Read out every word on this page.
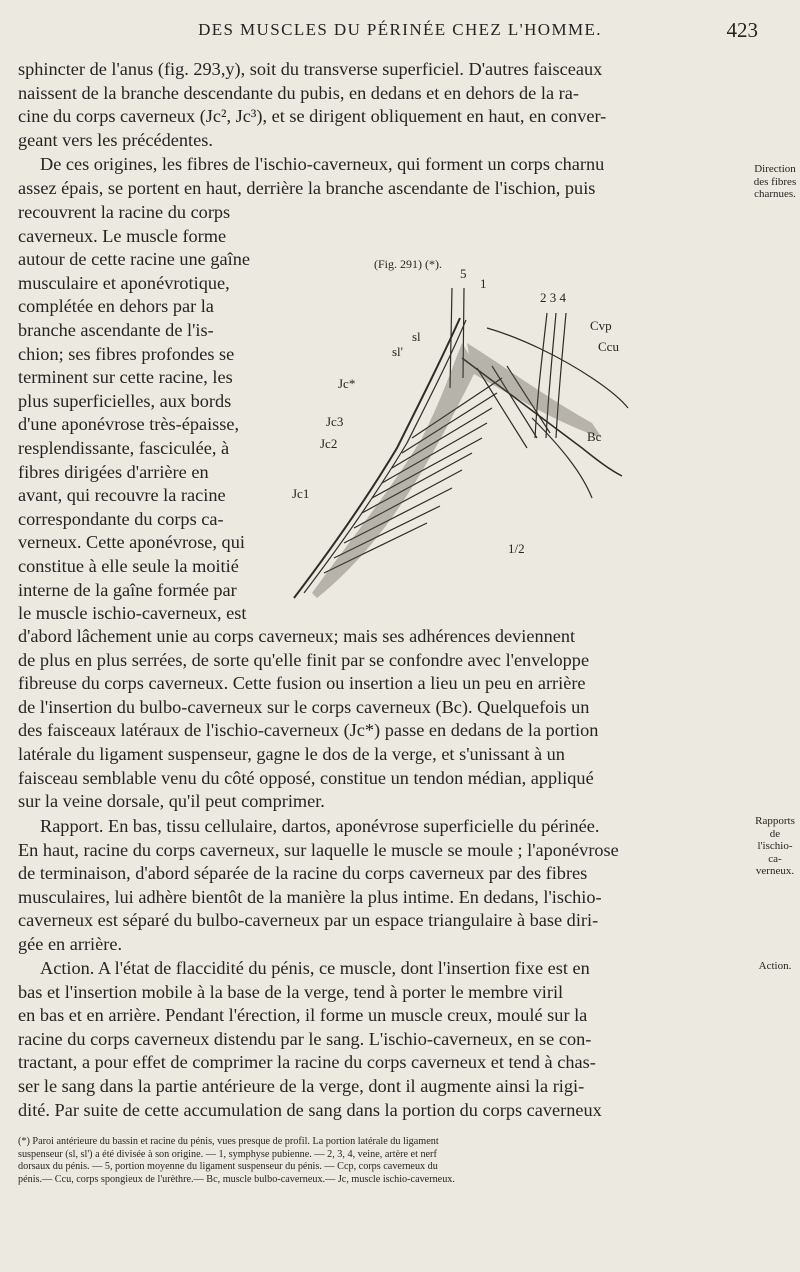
DES MUSCLES DU PÉRINÉE CHEZ L'HOMME.	423
sphincter de l'anus (fig. 293,y), soit du transverse superficiel. D'autres faisceaux
naissent de la branche descendante du pubis, en dedans et en dehors de la ra-
cine du corps caverneux (Jc², Jc³), et se dirigent obliquement en haut, en conver-
geant vers les précédentes.
De ces origines, les fibres de l'ischio-caverneux, qui forment un corps charnu
assez épais, se portent en haut, derrière la branche ascendante de l'ischion, puis
recouvrent la racine du corps
caverneux. Le muscle forme
autour de cette racine une gaîne
musculaire et aponévrotique,
complétée en dehors par la
branche ascendante de l'is-
chion; ses fibres profondes se
terminent sur cette racine, les
plus superficielles, aux bords
d'une aponévrose très-épaisse,
resplendissante, fasciculée, à
fibres dirigées d'arrière en
avant, qui recouvre la racine
correspondante du corps ca-
verneux. Cette aponévrose, qui
constitue à elle seule la moitié
interne de la gaîne formée par
le muscle ischio-caverneux, est
d'abord lâchement unie au corps caverneux; mais ses adhérences deviennent
de plus en plus serrées, de sorte qu'elle finit par se confondre avec l'enveloppe
fibreuse du corps caverneux. Cette fusion ou insertion a lieu un peu en arrière
de l'insertion du bulbo-caverneux sur le corps caverneux (Bc). Quelquefois un
des faisceaux latéraux de l'ischio-caverneux (Jc*) passe en dedans de la portion
latérale du ligament suspenseur, gagne le dos de la verge, et s'unissant à un
faisceau semblable venu du côté opposé, constitue un tendon médian, appliqué
sur la veine dorsale, qu'il peut comprimer.
Rapport. En bas, tissu cellulaire, dartos, aponévrose superficielle du périnée.
En haut, racine du corps caverneux, sur laquelle le muscle se moule ; l'aponévrose
de terminaison, d'abord séparée de la racine du corps caverneux par des fibres
musculaires, lui adhère bientôt de la manière la plus intime. En dedans, l'ischio-
caverneux est séparé du bulbo-caverneux par un espace triangulaire à base diri-
gée en arrière.
Action. A l'état de flaccidité du pénis, ce muscle, dont l'insertion fixe est en
bas et l'insertion mobile à la base de la verge, tend à porter le membre viril
en bas et en arrière. Pendant l'érection, il forme un muscle creux, moulé sur la
racine du corps caverneux distendu par le sang. L'ischio-caverneux, en se con-
tractant, a pour effet de comprimer la racine du corps caverneux et tend à chas-
ser le sang dans la partie antérieure de la verge, dont il augmente ainsi la rigi-
dité. Par suite de cette accumulation de sang dans la portion du corps caverneux
Direction des fibres charnues.
Rapports de l'ischio-ca-verneux.
Action.
(Fig. 291) (*).
5
1
2 3 4
Cvp
Ccu
sl
sl'
Jc*
Jc3
Jc2
Jc1
Bc
1/2
(*) Paroi antérieure du bassin et racine du pénis, vues presque de profil. La portion latérale du ligament
suspenseur (sl, sl') a été divisée à son origine. — 1, symphyse pubienne. — 2, 3, 4, veine, artère et nerf
dorsaux du pénis. — 5, portion moyenne du ligament suspenseur du pénis. — Ccp, corps caverneux du
pénis.— Ccu, corps spongieux de l'urèthre.— Bc, muscle bulbo-caverneux.— Jc, muscle ischio-caverneux.
